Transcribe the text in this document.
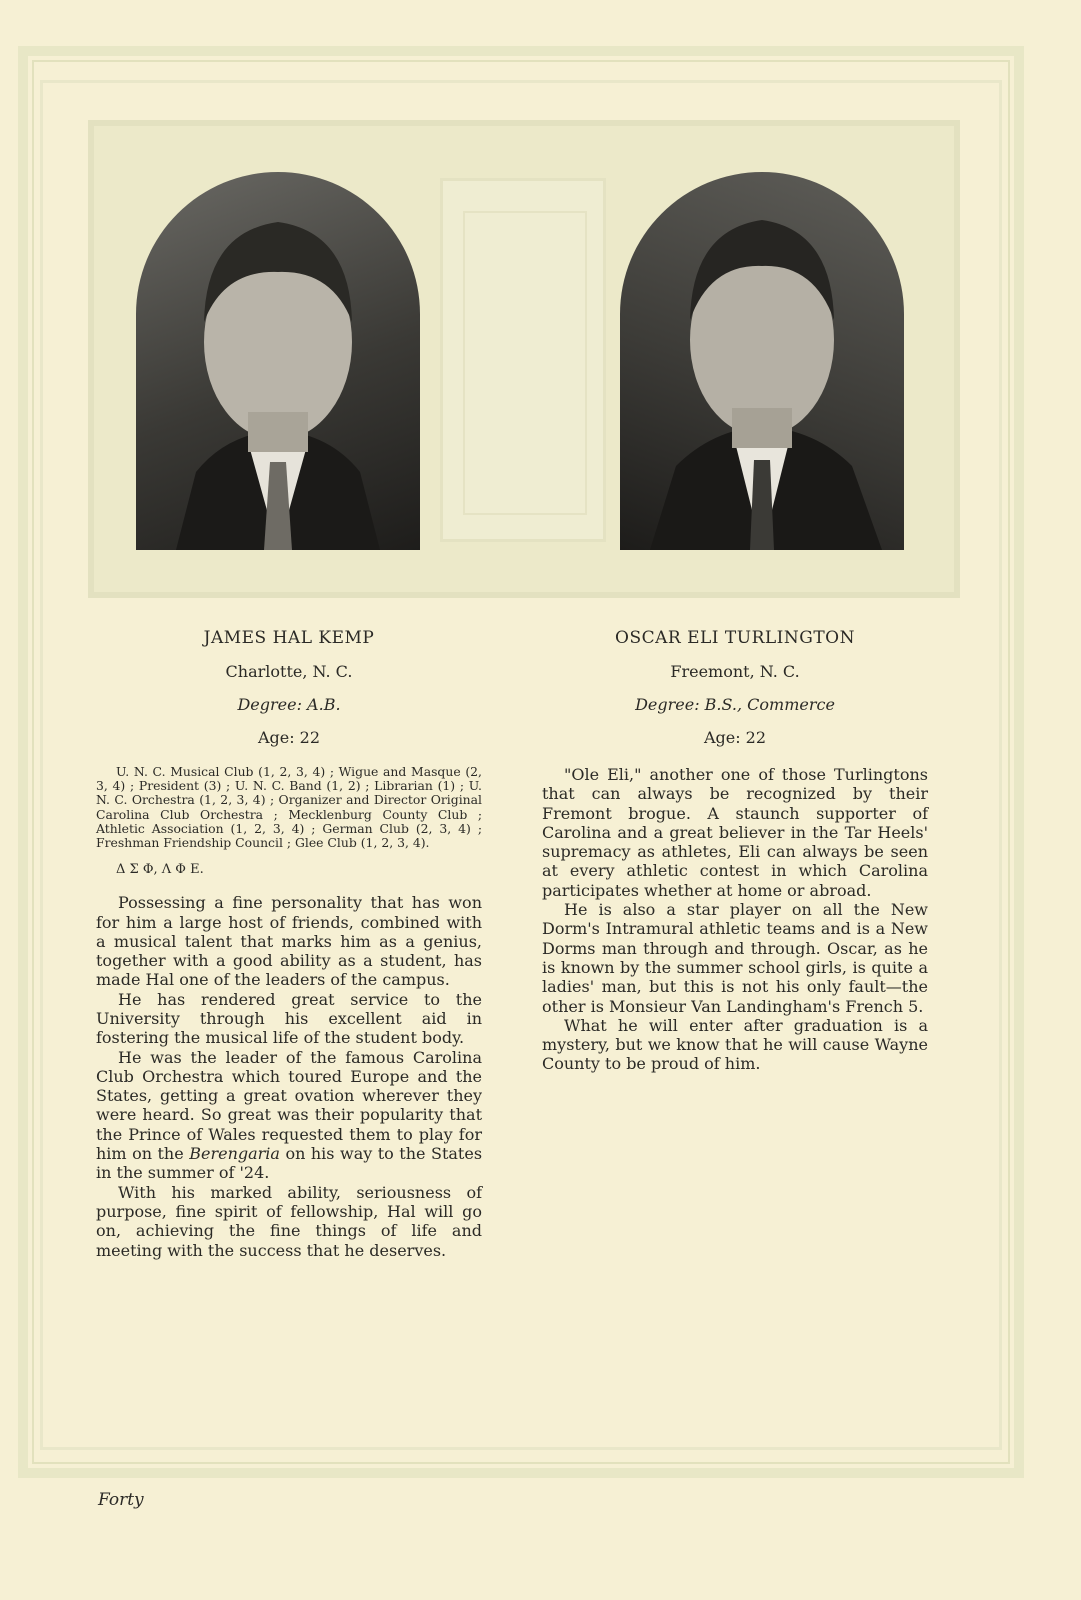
JAMES HAL KEMP

Charlotte, N. C.

Degree: A.B.

Age: 22

U. N. C. Musical Club (1, 2, 3, 4) ; Wigue and Masque (2, 3, 4) ; President (3) ; U. N. C. Band (1, 2) ; Librarian (1) ; U. N. C. Orchestra (1, 2, 3, 4) ; Organizer and Director Original Carolina Club Orchestra ; Mecklenburg County Club ; Athletic Association (1, 2, 3, 4) ; German Club (2, 3, 4) ; Freshman Friendship Council ; Glee Club (1, 2, 3, 4).

Δ Σ Φ, Λ Φ E.

Possessing a fine personality that has won for him a large host of friends, combined with a musical talent that marks him as a genius, together with a good ability as a student, has made Hal one of the leaders of the campus.

He has rendered great service to the University through his excellent aid in fostering the musical life of the student body.

He was the leader of the famous Carolina Club Orchestra which toured Europe and the States, getting a great ovation wherever they were heard. So great was their popularity that the Prince of Wales requested them to play for him on the Berengaria on his way to the States in the summer of '24.

With his marked ability, seriousness of purpose, fine spirit of fellowship, Hal will go on, achieving the fine things of life and meeting with the success that he deserves.

OSCAR ELI TURLINGTON

Freemont, N. C.

Degree: B.S., Commerce

Age: 22

"Ole Eli," another one of those Turlingtons that can always be recognized by their Fremont brogue. A staunch supporter of Carolina and a great believer in the Tar Heels' supremacy as athletes, Eli can always be seen at every athletic contest in which Carolina participates whether at home or abroad.

He is also a star player on all the New Dorm's Intramural athletic teams and is a New Dorms man through and through. Oscar, as he is known by the summer school girls, is quite a ladies' man, but this is not his only fault—the other is Monsieur Van Landingham's French 5.

What he will enter after graduation is a mystery, but we know that he will cause Wayne County to be proud of him.

Forty
